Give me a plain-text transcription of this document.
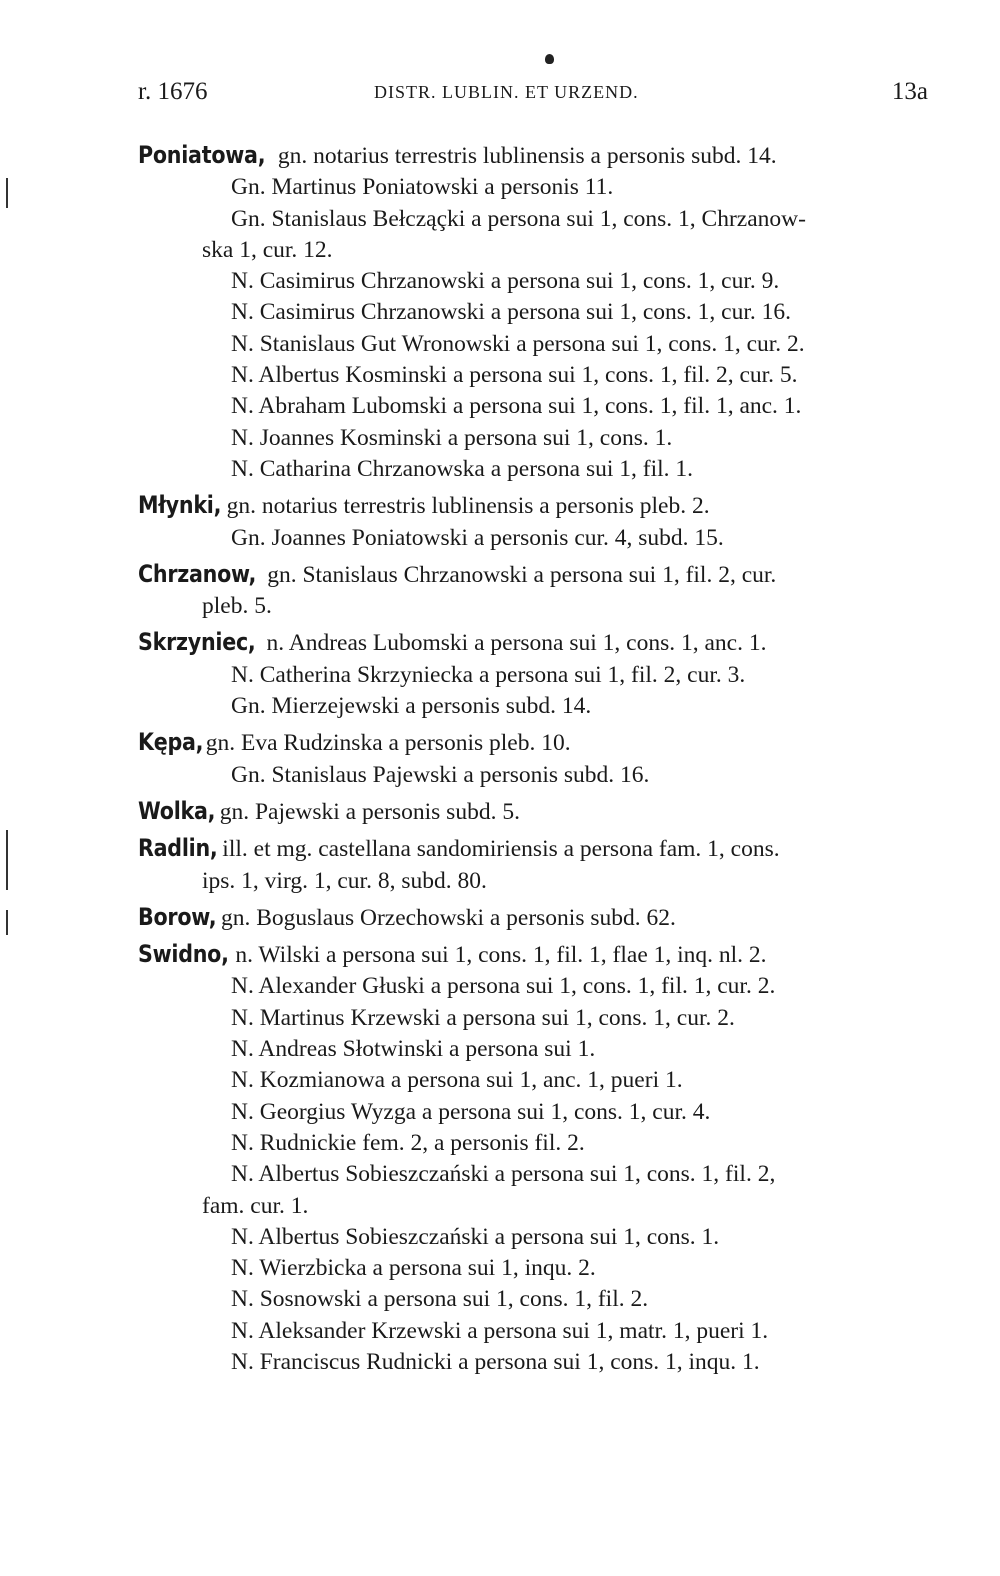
r. 1676	DISTR. LUBLIN. ET URZEND.	13a
Poniatowa, gn. notarius terrestris lublinensis a personis subd. 14.
Gn. Martinus Poniatowski a personis 11.
Gn. Stanislaus Bełcząçki a persona sui 1, cons. 1, Chrzanow-
ska 1, cur. 12.
N. Casimirus Chrzanowski a persona sui 1, cons. 1, cur. 9.
N. Casimirus Chrzanowski a persona sui 1, cons. 1, cur. 16.
N. Stanislaus Gut Wronowski a persona sui 1, cons. 1, cur. 2.
N. Albertus Kosminski a persona sui 1, cons. 1, fil. 2, cur. 5.
N. Abraham Lubomski a persona sui 1, cons. 1, fil. 1, anc. 1.
N. Joannes Kosminski a persona sui 1, cons. 1.
N. Catharina Chrzanowska a persona sui 1, fil. 1.
Młynki, gn. notarius terrestris lublinensis a personis pleb. 2.
Gn. Joannes Poniatowski a personis cur. 4, subd. 15.
Chrzanow, gn. Stanislaus Chrzanowski a persona sui 1, fil. 2, cur.
pleb. 5.
Skrzyniec, n. Andreas Lubomski a persona sui 1, cons. 1, anc. 1.
N. Catherina Skrzyniecka a persona sui 1, fil. 2, cur. 3.
Gn. Mierzejewski a personis subd. 14.
Kępa, gn. Eva Rudzinska a personis pleb. 10.
Gn. Stanislaus Pajewski a personis subd. 16.
Wolka, gn. Pajewski a personis subd. 5.
Radlin, ill. et mg. castellana sandomiriensis a persona fam. 1, cons.
ips. 1, virg. 1, cur. 8, subd. 80.
Borow, gn. Boguslaus Orzechowski a personis subd. 62.
Swidno, n. Wilski a persona sui 1, cons. 1, fil. 1, flae 1, inq. nl. 2.
N. Alexander Głuski a persona sui 1, cons. 1, fil. 1, cur. 2.
N. Martinus Krzewski a persona sui 1, cons. 1, cur. 2.
N. Andreas Słotwinski a persona sui 1.
N. Kozmianowa a persona sui 1, anc. 1, pueri 1.
N. Georgius Wyzga a persona sui 1, cons. 1, cur. 4.
N. Rudnickie fem. 2, a personis fil. 2.
N. Albertus Sobieszczański a persona sui 1, cons. 1, fil. 2,
fam. cur. 1.
N. Albertus Sobieszczański a persona sui 1, cons. 1.
N. Wierzbicka a persona sui 1, inqu. 2.
N. Sosnowski a persona sui 1, cons. 1, fil. 2.
N. Aleksander Krzewski a persona sui 1, matr. 1, pueri 1.
N. Franciscus Rudnicki a persona sui 1, cons. 1, inqu. 1.
